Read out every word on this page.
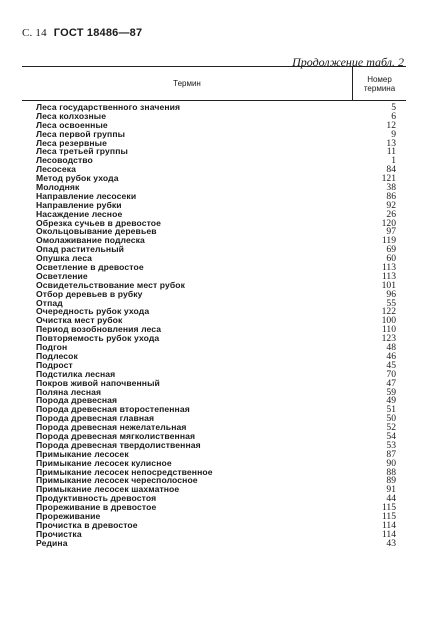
С. 14 ГОСТ 18486—87
Продолжение табл. 2
Термин	Номер термина
Леса государственного значения	5
Леса колхозные	6
Леса освоенные	12
Леса первой группы	9
Леса резервные	13
Леса третьей группы	11
Лесоводство	1
Лесосека	84
Метод рубок ухода	121
Молодняк	38
Направление лесосеки	86
Направление рубки	92
Насаждение лесное	26
Обрезка сучьев в древостое	120
Окольцовывание деревьев	97
Омолаживание подлеска	119
Опад растительный	69
Опушка леса	60
Осветление в древостое	113
Осветление	113
Освидетельствование мест рубок	101
Отбор деревьев в рубку	96
Отпад	55
Очередность рубок ухода	122
Очистка мест рубок	100
Период возобновления леса	110
Повторяемость рубок ухода	123
Подгон	48
Подлесок	46
Подрост	45
Подстилка лесная	70
Покров живой напочвенный	47
Поляна лесная	59
Порода древесная	49
Порода древесная второстепенная	51
Порода древесная главная	50
Порода древесная нежелательная	52
Порода древесная мягколиственная	54
Порода древесная твердолиственная	53
Примыкание лесосек	87
Примыкание лесосек кулисное	90
Примыкание лесосек непосредственное	88
Примыкание лесосек чересполосное	89
Примыкание лесосек шахматное	91
Продуктивность древостоя	44
Прореживание в древостое	115
Прореживание	115
Прочистка в древостое	114
Прочистка	114
Редина	43
